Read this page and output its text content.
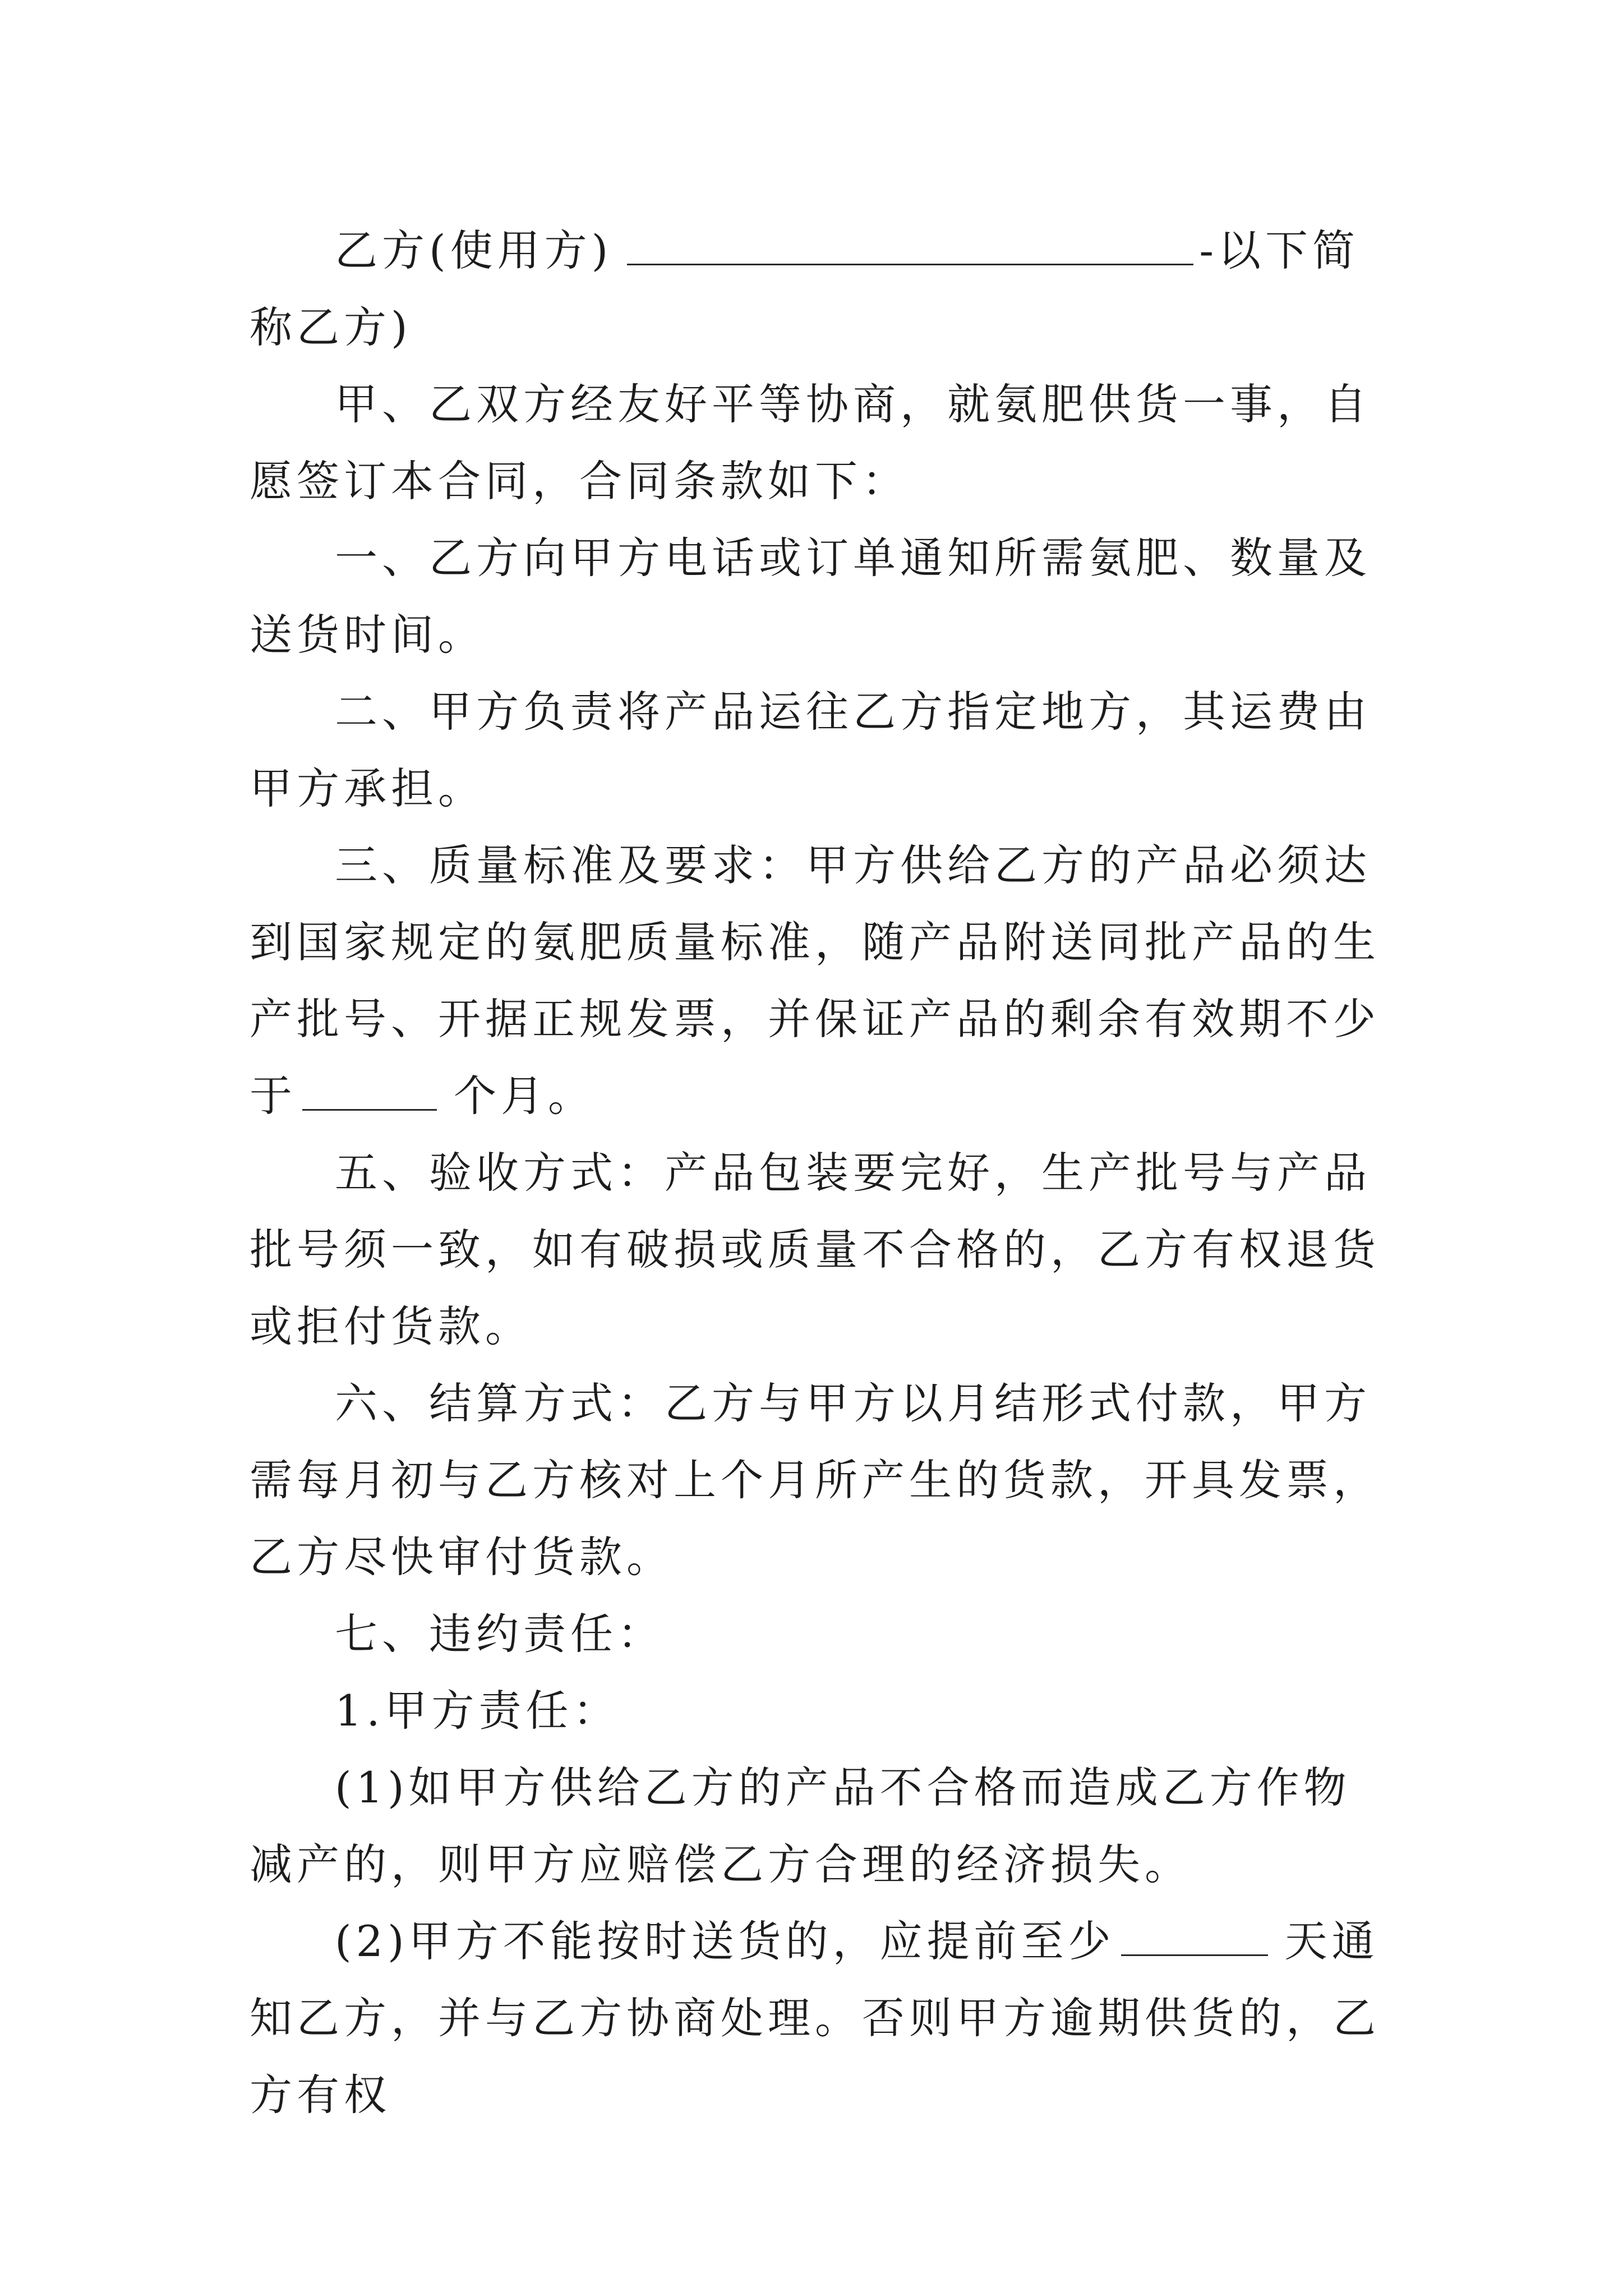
乙方(使用方)	-以下简称乙方)

甲、乙双方经友好平等协商，就氨肥供货一事，自愿签订本合同，合同条款如下：

一、乙方向甲方电话或订单通知所需氨肥、数量及送货时间。

二、甲方负责将产品运往乙方指定地方，其运费由甲方承担。

三、质量标准及要求：甲方供给乙方的产品必须达到国家规定的氨肥质量标准，随产品附送同批产品的生产批号、开据正规发票，并保证产品的剩余有效期不少于	个月。

五、验收方式：产品包装要完好，生产批号与产品批号须一致，如有破损或质量不合格的，乙方有权退货或拒付货款。

六、结算方式：乙方与甲方以月结形式付款，甲方需每月初与乙方核对上个月所产生的货款，开具发票，乙方尽快审付货款。

七、违约责任：

1.甲方责任：

(1)如甲方供给乙方的产品不合格而造成乙方作物减产的，则甲方应赔偿乙方合理的经济损失。

(2)甲方不能按时送货的，应提前至少	天通知乙方，并与乙方协商处理。否则甲方逾期供货的，乙方有权
